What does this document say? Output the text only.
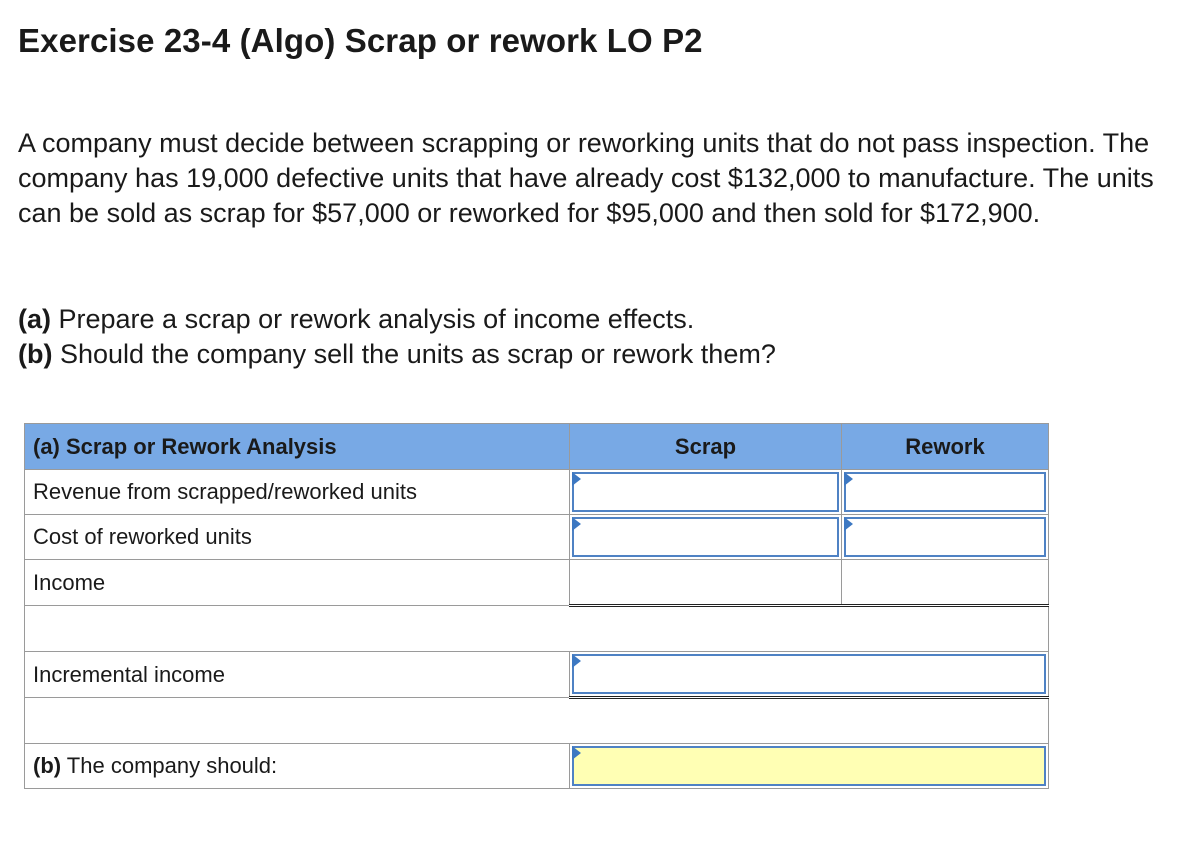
Exercise 23-4 (Algo) Scrap or rework LO P2

A company must decide between scrapping or reworking units that do not pass inspection. The company has 19,000 defective units that have already cost $132,000 to manufacture. The units can be sold as scrap for $57,000 or reworked for $95,000 and then sold for $172,900.

(a) Prepare a scrap or rework analysis of income effects.

(b) Should the company sell the units as scrap or rework them?

(a) Scrap or Rework Analysis	Scrap	Rework
Revenue from scrapped/reworked units	

Cost of reworked units	

Income		

Incremental income		

(b) The company should:		
